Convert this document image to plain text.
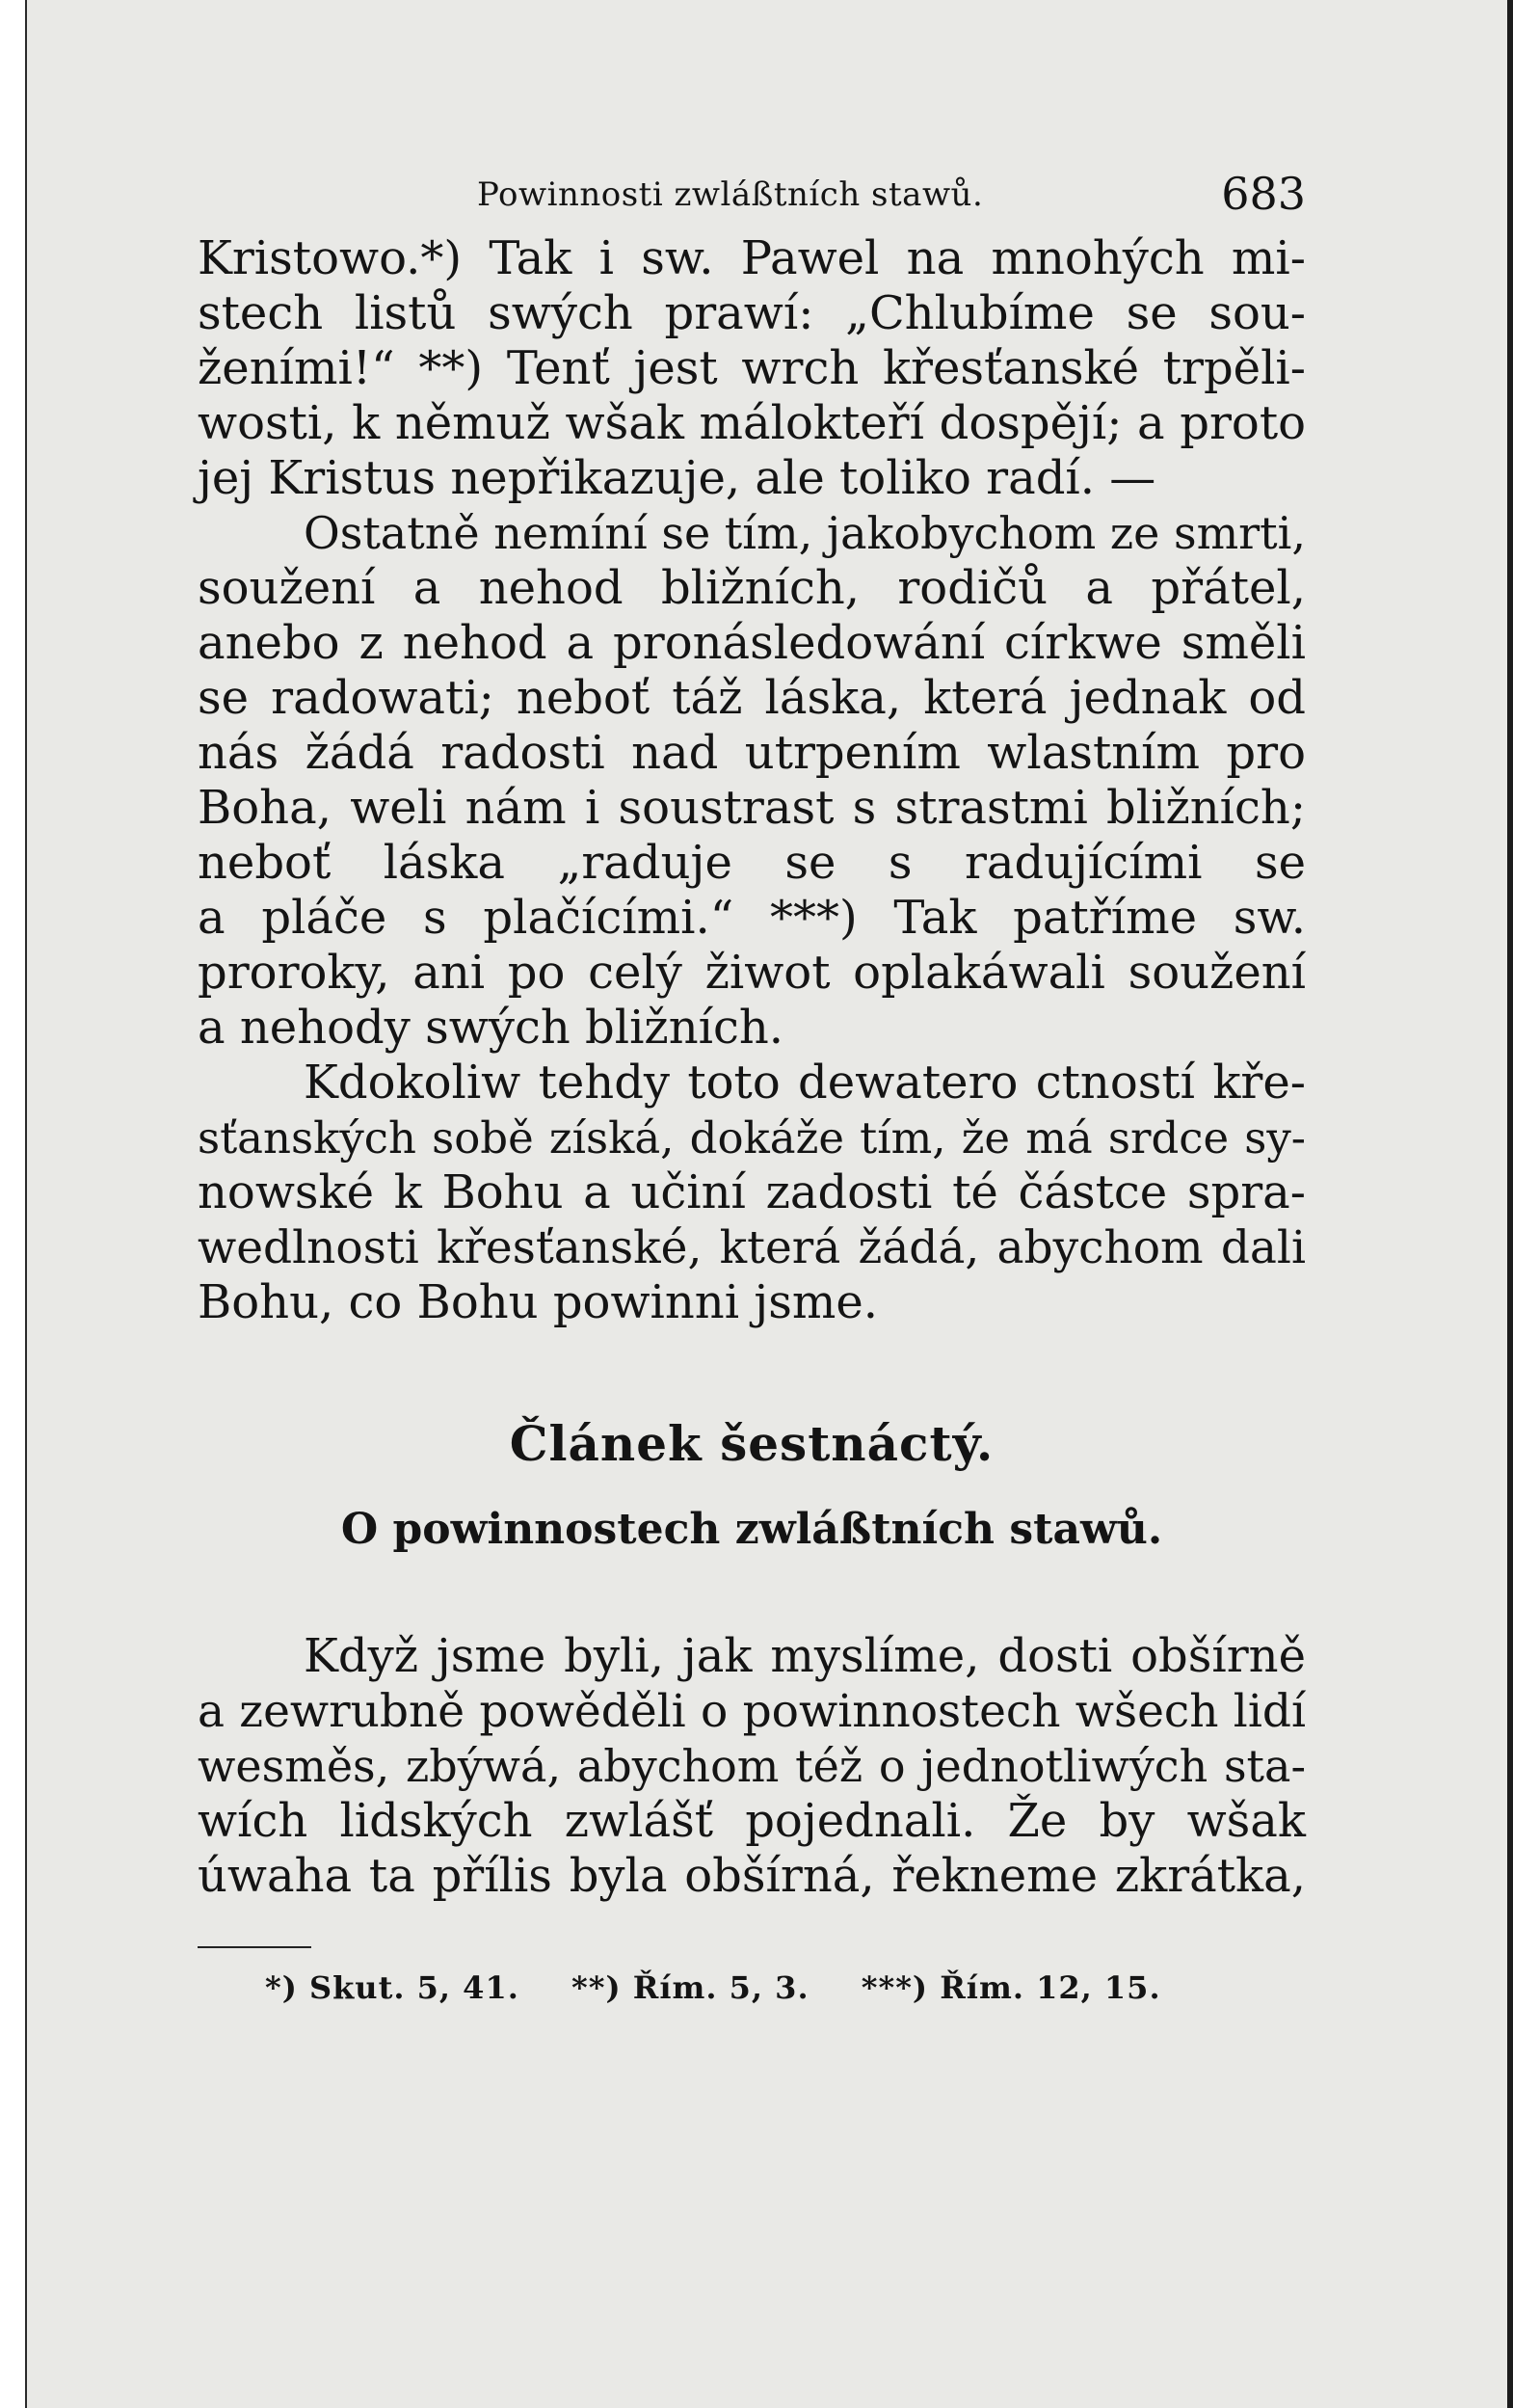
Powinnosti zwláßtních stawů.	683
Kristowo.*) Tak i sw. Pawel na mnohých mi-
stech listů swých prawí: „Chlubíme se sou-
ženími!“ **) Tenť jest wrch křesťanské trpěli-
wosti, k němuž wšak málokteří dospějí; a proto
jej Kristus nepřikazuje, ale toliko radí. —
Ostatně nemíní se tím, jakobychom ze smrti,
soužení a nehod bližních, rodičů a přátel,
anebo z nehod a pronásledowání církwe směli
se radowati; neboť táž láska, která jednak od
nás žádá radosti nad utrpením wlastním pro
Boha, weli nám i soustrast s strastmi bližních;
neboť láska „raduje se s radujícími se
a pláče s plačícími.“ ***) Tak patříme sw.
proroky, ani po celý žiwot oplakáwali soužení
a nehody swých bližních.
Kdokoliw tehdy toto dewatero ctností kře-
sťanských sobě získá, dokáže tím, že má srdce sy-
nowské k Bohu a učiní zadosti té částce spra-
wedlnosti křesťanské, která žádá, abychom dali
Bohu, co Bohu powinni jsme.
Článek šestnáctý.
O powinnostech zwláßtních stawů.
Když jsme byli, jak myslíme, dosti obšírně
a zewrubně powěděli o powinnostech wšech lidí
wesměs, zbýwá, abychom též o jednotliwých sta-
wích lidských zwlášť pojednali. Že by wšak
úwaha ta přílis byla obšírná, řekneme zkrátka,
*) Skut. 5, 41. **) Řím. 5, 3. ***) Řím. 12, 15.
